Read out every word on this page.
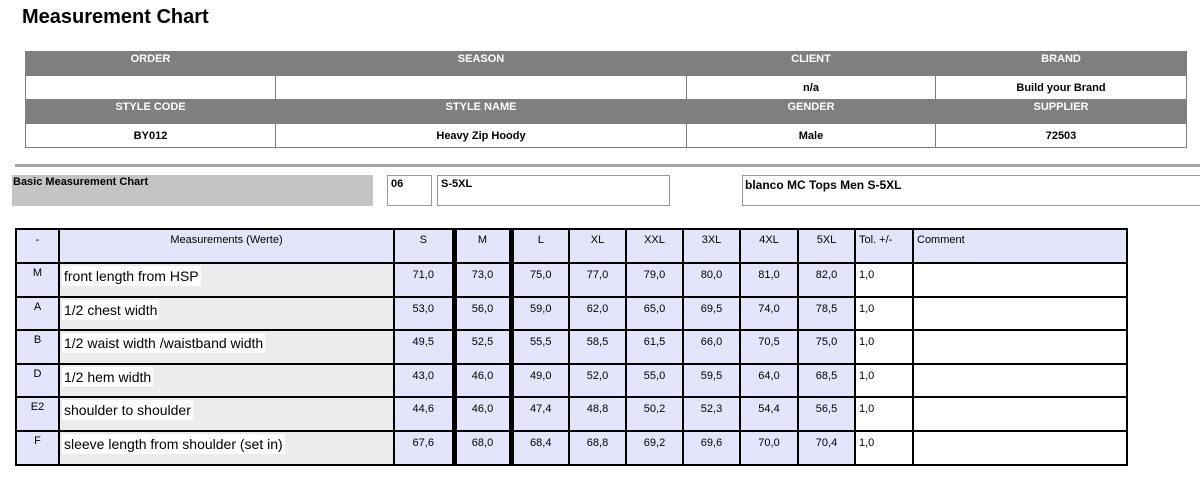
Measurement Chart
ORDER	SEASON	CLIENT	BRAND
		n/a	Build your Brand
STYLE CODE	STYLE NAME	GENDER	SUPPLIER
BY012	Heavy Zip Hoody	Male	72503
Basic Measurement Chart	06	S-5XL	blanco MC Tops Men S-5XL
-	Measurements (Werte)	S	M	L	XL	XXL	3XL	4XL	5XL	Tol. +/-	Comment
M	front length from HSP	71,0	73,0	75,0	77,0	79,0	80,0	81,0	82,0	1,0	
A	1/2 chest width	53,0	56,0	59,0	62,0	65,0	69,5	74,0	78,5	1,0	
B	1/2 waist width /waistband width	49,5	52,5	55,5	58,5	61,5	66,0	70,5	75,0	1,0	
D	1/2 hem width	43,0	46,0	49,0	52,0	55,0	59,5	64,0	68,5	1,0	
E2	shoulder to shoulder	44,6	46,0	47,4	48,8	50,2	52,3	54,4	56,5	1,0	
F	sleeve length from shoulder (set in)	67,6	68,0	68,4	68,8	69,2	69,6	70,0	70,4	1,0	
